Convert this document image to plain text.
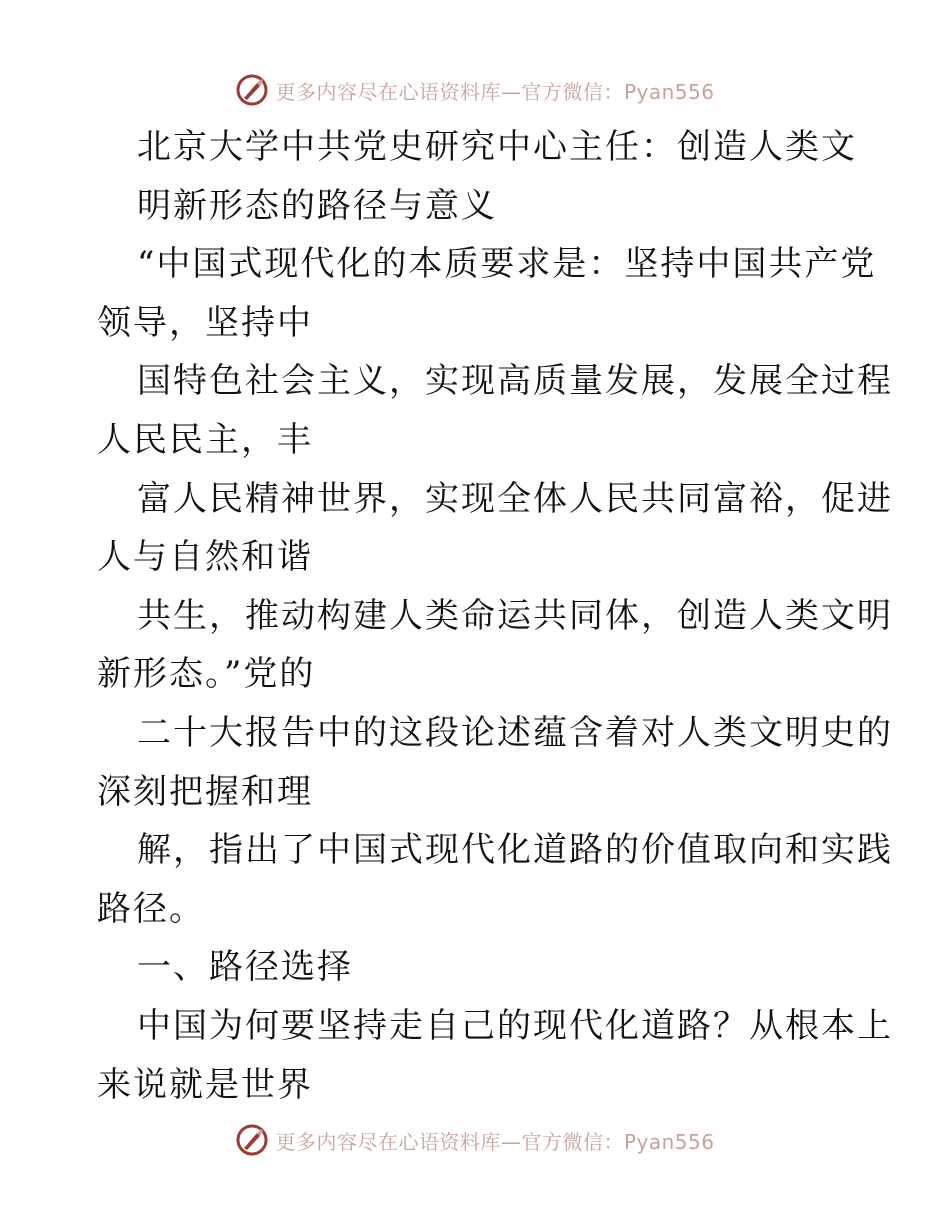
更多内容尽在心语资料库—官方微信：Pyan556
北京大学中共党史研究中心主任：创造人类文
明新形态的路径与意义
“中国式现代化的本质要求是：坚持中国共产党
领导，坚持中
国特色社会主义，实现高质量发展，发展全过程
人民民主，丰
富人民精神世界，实现全体人民共同富裕，促进
人与自然和谐
共生，推动构建人类命运共同体，创造人类文明
新形态。”党的
二十大报告中的这段论述蕴含着对人类文明史的
深刻把握和理
解，指出了中国式现代化道路的价值取向和实践
路径。
一、路径选择
中国为何要坚持走自己的现代化道路？从根本上
来说就是世界
更多内容尽在心语资料库—官方微信：Pyan556
